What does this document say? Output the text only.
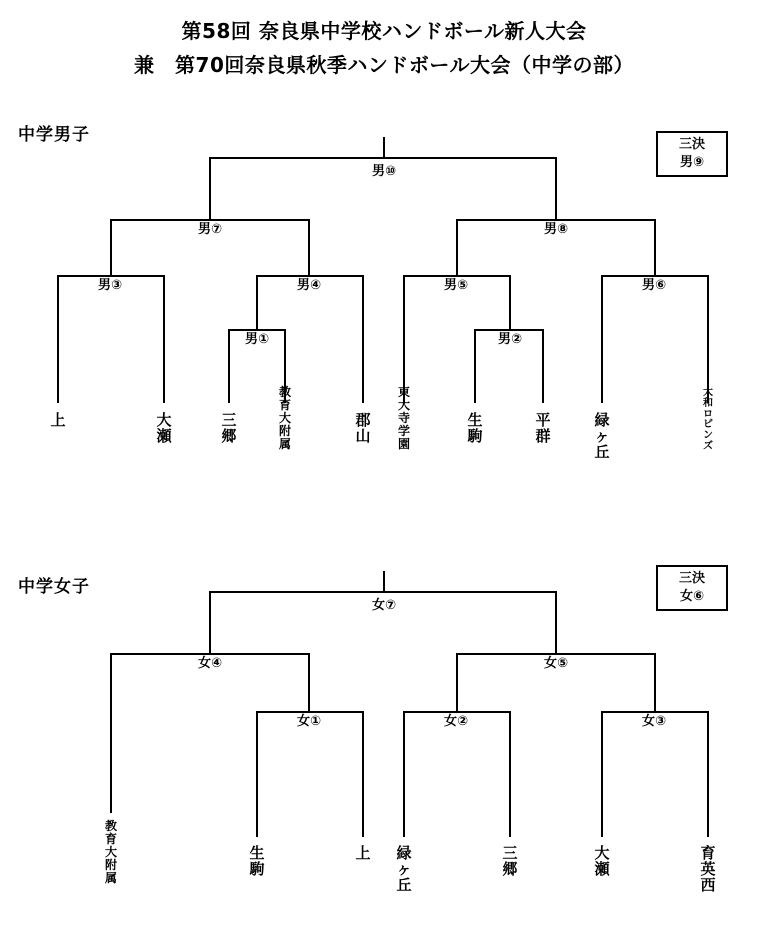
第58回 奈良県中学校ハンドボール新人大会
兼　第70回奈良県秋季ハンドボール大会（中学の部）
中学男子	三決
男⑨
男⑩
男⑦	男⑧
男③	男④	男⑤	男⑥
男①	男②
上	大
瀬
三
郷
教
育
大
附
属
郡
山
東
大
寺
学
園
生
駒
平
群
緑
ヶ
丘
大
和
ロ
ビ
ン
ズ
中学女子	三決
女⑥
女⑦
女④	女⑤
女①	女②	女③
教
育
大
附
属
生
駒
上 緑
ヶ
丘
三
郷
大
瀬
育
英
西
